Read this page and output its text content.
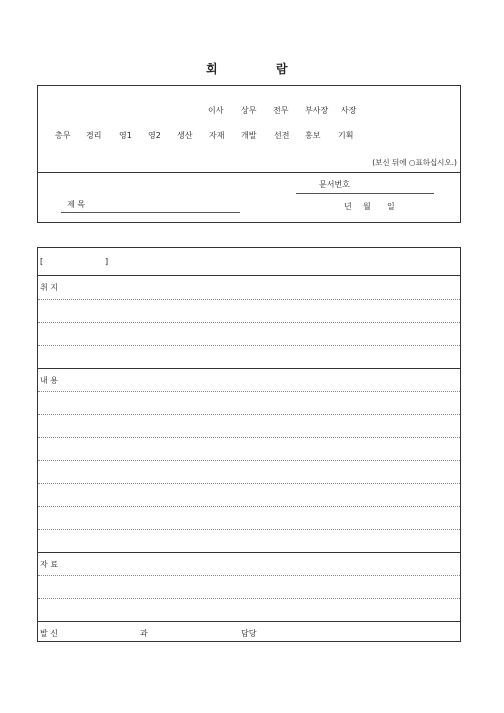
회	람
이사 상무 전무 부사장 사장
총무 경리 영1 영2 생산 자재 개발 선전 홍보 기획
(보신 뒤에 ○표하십시오.)
문서번호
제 목	년 월 일
[	]
취 지
내 용
자 료
발 신	과	담당
